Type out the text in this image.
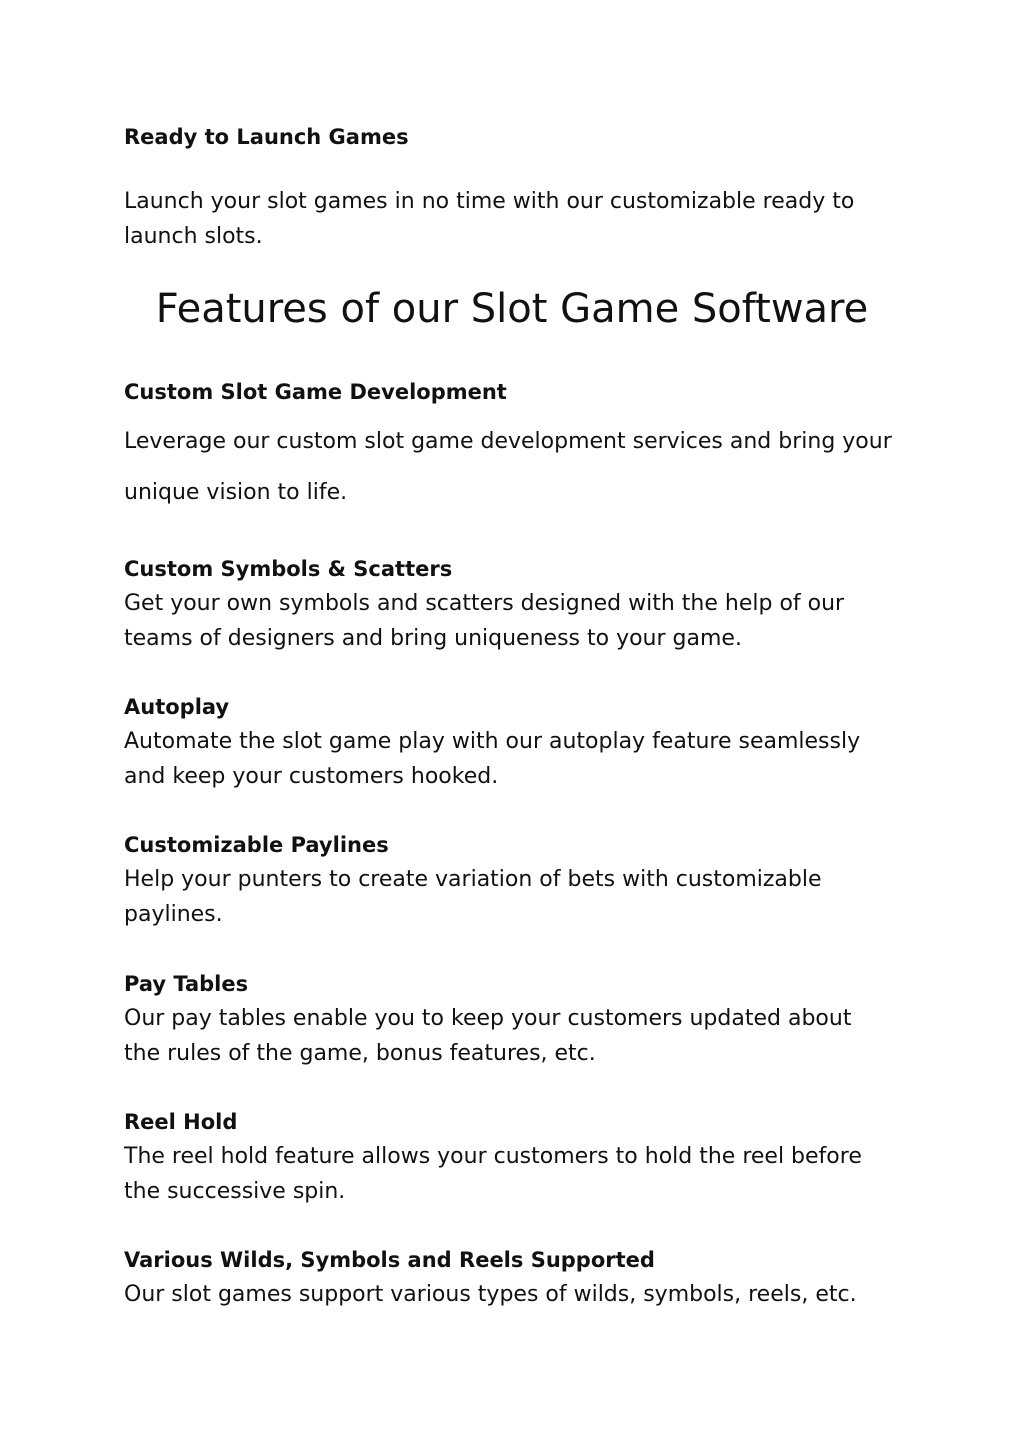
Ready to Launch Games

Launch your slot games in no time with our customizable ready to launch slots.

Features of our Slot Game Software
Custom Slot Game Development

Leverage our custom slot game development services and bring your unique vision to life.

Custom Symbols & Scatters

Get your own symbols and scatters designed with the help of our teams of designers and bring uniqueness to your game.

Autoplay

Automate the slot game play with our autoplay feature seamlessly and keep your customers hooked.

Customizable Paylines

Help your punters to create variation of bets with customizable paylines.

Pay Tables

Our pay tables enable you to keep your customers updated about the rules of the game, bonus features, etc.

Reel Hold

The reel hold feature allows your customers to hold the reel before the successive spin.

Various Wilds, Symbols and Reels Supported

Our slot games support various types of wilds, symbols, reels, etc.
